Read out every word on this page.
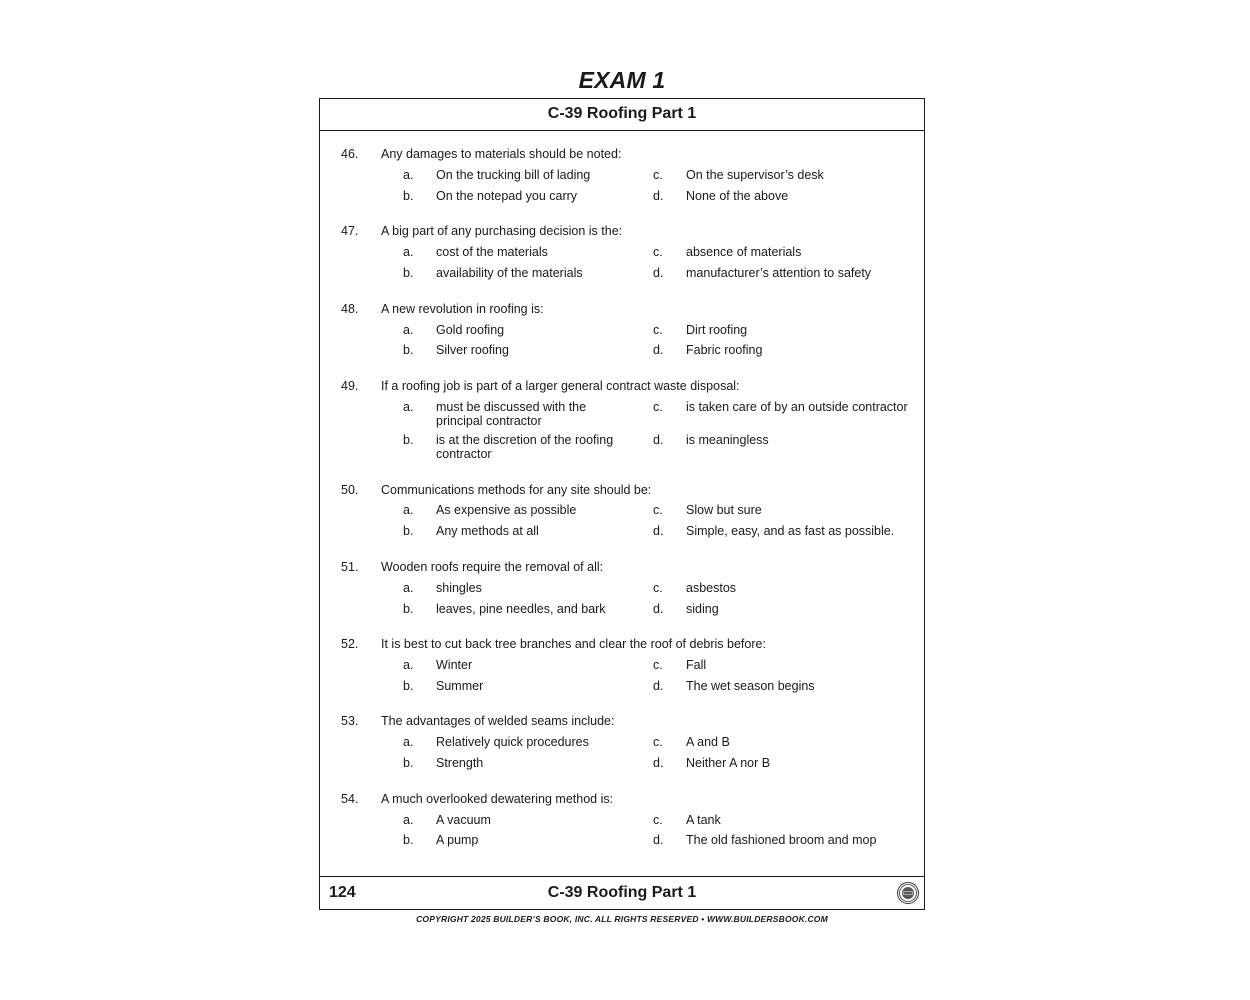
EXAM 1
C-39 Roofing Part 1
46. Any damages to materials should be noted:
a. On the trucking bill of lading
b. On the notepad you carry
c. On the supervisor’s desk
d. None of the above
47. A big part of any purchasing decision is the:
a. cost of the materials
b. availability of the materials
c. absence of materials
d. manufacturer’s attention to safety
48. A new revolution in roofing is:
a. Gold roofing
b. Silver roofing
c. Dirt roofing
d. Fabric roofing
49. If a roofing job is part of a larger general contract waste disposal:
a. must be discussed with the principal contractor
b. is at the discretion of the roofing contractor
c. is taken care of by an outside contractor
d. is meaningless
50. Communications methods for any site should be:
a. As expensive as possible
b. Any methods at all
c. Slow but sure
d. Simple, easy, and as fast as possible.
51. Wooden roofs require the removal of all:
a. shingles
b. leaves, pine needles, and bark
c. asbestos
d. siding
52. It is best to cut back tree branches and clear the roof of debris before:
a. Winter
b. Summer
c. Fall
d. The wet season begins
53. The advantages of welded seams include:
a. Relatively quick procedures
b. Strength
c. A and B
d. Neither A nor B
54. A much overlooked dewatering method is:
a. A vacuum
b. A pump
c. A tank
d. The old fashioned broom and mop
124	C-39 Roofing Part 1
COPYRIGHT 2025 BUILDER’S BOOK, INC. ALL RIGHTS RESERVED • WWW.BUILDERSBOOK.COM
